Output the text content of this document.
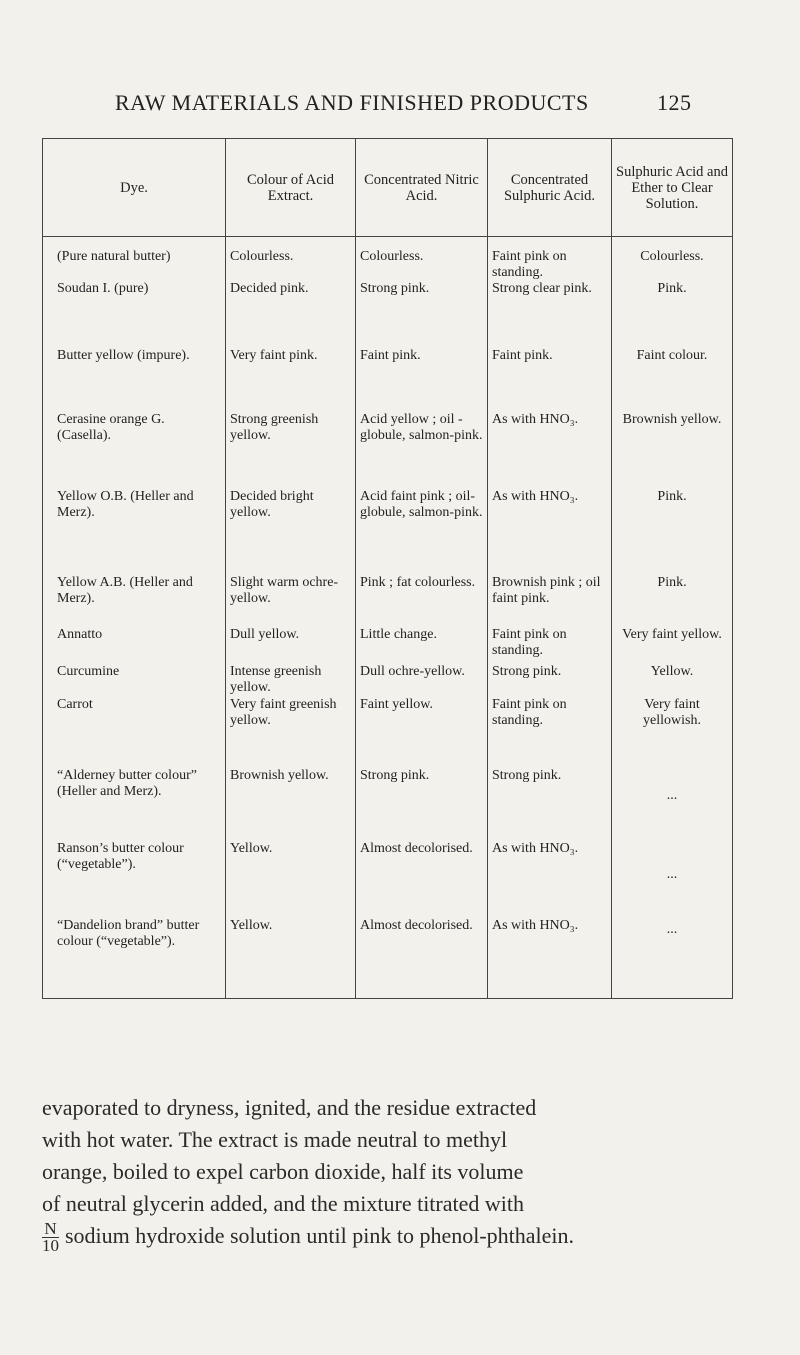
RAW MATERIALS AND FINISHED PRODUCTS	125
Dye.	Colour of Acid Extract.	Concentrated Nitric Acid.	Concentrated Sulphuric Acid.	Sulphuric Acid and Ether to Clear Solution.
(Pure natural butter)	Colourless.	Colourless.	Faint pink on standing.	Colourless.
Soudan I. (pure)	Decided pink.	Strong pink.	Strong clear pink.	Pink.
Butter yellow (impure).	Very faint pink.	Faint pink.	Faint pink.	Faint colour.
Cerasine orange G. (Casella).	Strong greenish yellow.	Acid yellow ; oil - globule, salmon-pink.	As with HNO₃.	Brownish yellow.
Yellow O.B. (Heller and Merz).	Decided bright yellow.	Acid faint pink ; oil-globule, salmon-pink.	As with HNO₃.	Pink.
Yellow A.B. (Heller and Merz).	Slight warm ochre-yellow.	Pink ; fat colourless.	Brownish pink ; oil faint pink.	Pink.
Annatto	Dull yellow.	Little change.	Faint pink on standing.	Very faint yellow.
Curcumine	Intense greenish yellow.	Dull ochre-yellow.	Strong pink.	Yellow.
Carrot	Very faint greenish yellow.	Faint yellow.	Faint pink on standing.	Very faint yellowish.
“Alderney butter colour” (Heller and Merz).	Brownish yellow.	Strong pink.	Strong pink.	...
Ranson’s butter colour (“vegetable”).	Yellow.	Almost decolorised.	As with HNO₃.	...
“Dandelion brand” butter colour (“vegetable”).	Yellow.	Almost decolorised.	As with HNO₃.	...

evaporated to dryness, ignited, and the residue extracted

with hot water. The extract is made neutral to methyl

orange, boiled to expel carbon dioxide, half its volume

of neutral glycerin added, and the mixture titrated with

$\frac{N}{10}$ sodium hydroxide solution until pink to phenol-phthalein.
